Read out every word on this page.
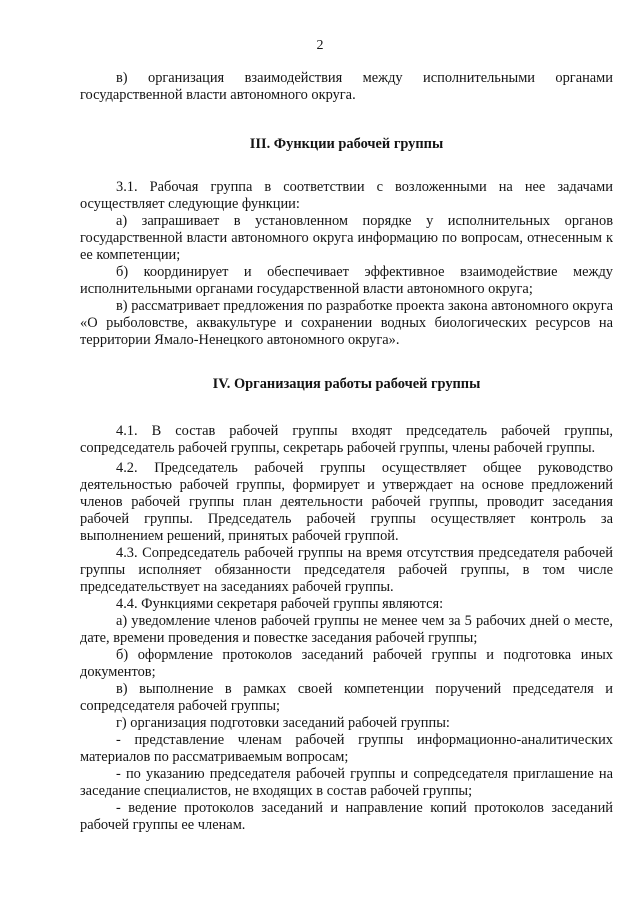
2

в) организация взаимодействия между исполнительными органами государственной власти автономного округа.

III. Функции рабочей группы

3.1. Рабочая группа в соответствии с возложенными на нее задачами осуществляет следующие функции:

а) запрашивает в установленном порядке у исполнительных органов государственной власти автономного округа информацию по вопросам, отнесенным к ее компетенции;

б) координирует и обеспечивает эффективное взаимодействие между исполнительными органами государственной власти автономного округа;

в) рассматривает предложения по разработке проекта закона автономного округа «О рыболовстве, аквакультуре и сохранении водных биологических ресурсов на территории Ямало-Ненецкого автономного округа».

IV. Организация работы рабочей группы

4.1. В состав рабочей группы входят председатель рабочей группы, сопредседатель рабочей группы, секретарь рабочей группы, члены рабочей группы.

4.2. Председатель рабочей группы осуществляет общее руководство деятельностью рабочей группы, формирует и утверждает на основе предложений членов рабочей группы план деятельности рабочей группы, проводит заседания рабочей группы. Председатель рабочей группы осуществляет контроль за выполнением решений, принятых рабочей группой.

4.3. Сопредседатель рабочей группы на время отсутствия председателя рабочей группы исполняет обязанности председателя рабочей группы, в том числе председательствует на заседаниях рабочей группы.

4.4. Функциями секретаря рабочей группы являются:

а) уведомление членов рабочей группы не менее чем за 5 рабочих дней о месте, дате, времени проведения и повестке заседания рабочей группы;

б) оформление протоколов заседаний рабочей группы и подготовка иных документов;

в) выполнение в рамках своей компетенции поручений председателя и сопредседателя рабочей группы;

г) организация подготовки заседаний рабочей группы:

- представление членам рабочей группы информационно-аналитических материалов по рассматриваемым вопросам;

- по указанию председателя рабочей группы и сопредседателя приглашение на заседание специалистов, не входящих в состав рабочей группы;

- ведение протоколов заседаний и направление копий протоколов заседаний рабочей группы ее членам.
